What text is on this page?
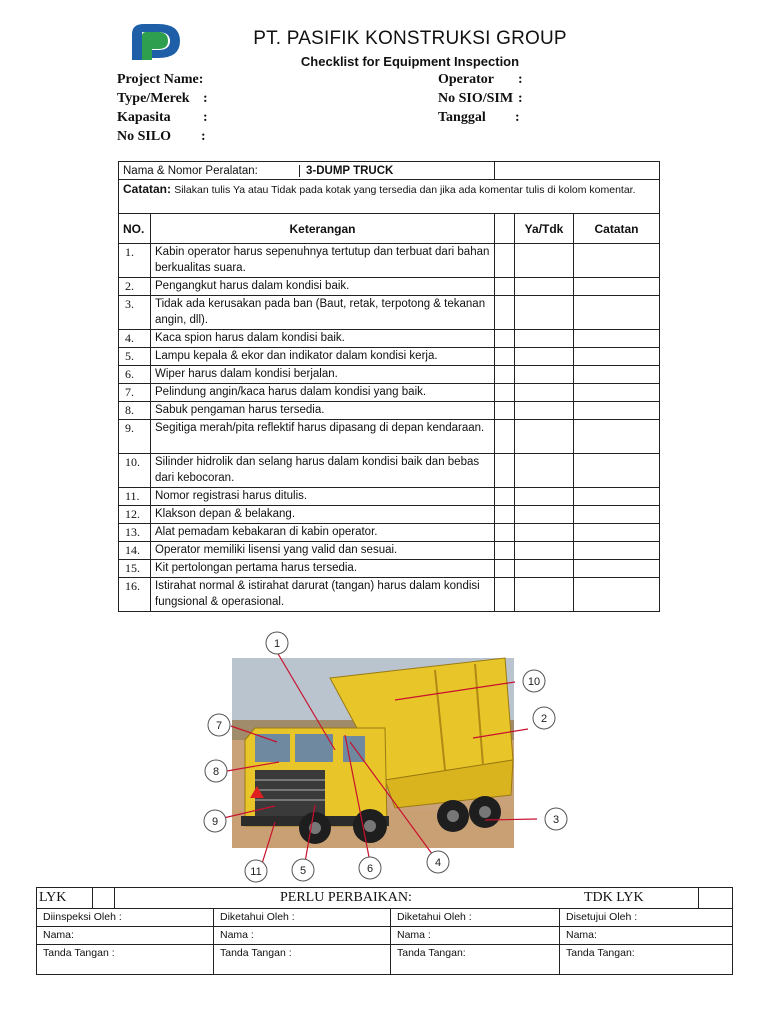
PT. PASIFIK KONSTRUKSI GROUP
Checklist for Equipment Inspection
Project Name:
Type/Merek :
Kapasita :
No SILO :
Operator :
No SIO/SIM :
Tanggal :
Nama & Nomor Peralatan: 3-DUMP TRUCK				
Catatan: Silakan tulis Ya atau Tidak pada kotak yang tersedia dan jika ada komentar tulis di kolom komentar.				
NO.	Keterangan		Ya/Tdk	Catatan
1.	Kabin operator harus sepenuhnya tertutup dan terbuat dari bahan berkualitas suara.			
2.	Pengangkut harus dalam kondisi baik.			
3.	Tidak ada kerusakan pada ban (Baut, retak, terpotong & tekanan angin, dll).			
4.	Kaca spion harus dalam kondisi baik.			
5.	Lampu kepala & ekor dan indikator dalam kondisi kerja.			
6.	Wiper harus dalam kondisi berjalan.			
7.	Pelindung angin/kaca harus dalam kondisi yang baik.			
8.	Sabuk pengaman harus tersedia.			
9.	Segitiga merah/pita reflektif harus dipasang di depan kendaraan.			
10.	Silinder hidrolik dan selang harus dalam kondisi baik dan bebas dari kebocoran.			
11.	Nomor registrasi harus ditulis.			
12.	Klakson depan & belakang.			
13.	Alat pemadam kebakaran di kabin operator.			
14.	Operator memiliki lisensi yang valid dan sesuai.			
15.	Kit pertolongan pertama harus tersedia.			
16.	Istirahat normal & istirahat darurat (tangan) harus dalam kondisi fungsional & operasional.			
1
2
3
4
5	6
7
8
9
10
11
LYK		PERLU PERBAIKAN: TDK LYK				

Diinspeksi Oleh :			Diketahui Oleh :	Diketahui Oleh :	Disetujui Oleh :	
Nama:			Nama :	Nama :	Nama:	
Tanda Tangan :			Tanda Tangan :	Tanda Tangan:	Tanda Tangan:	
